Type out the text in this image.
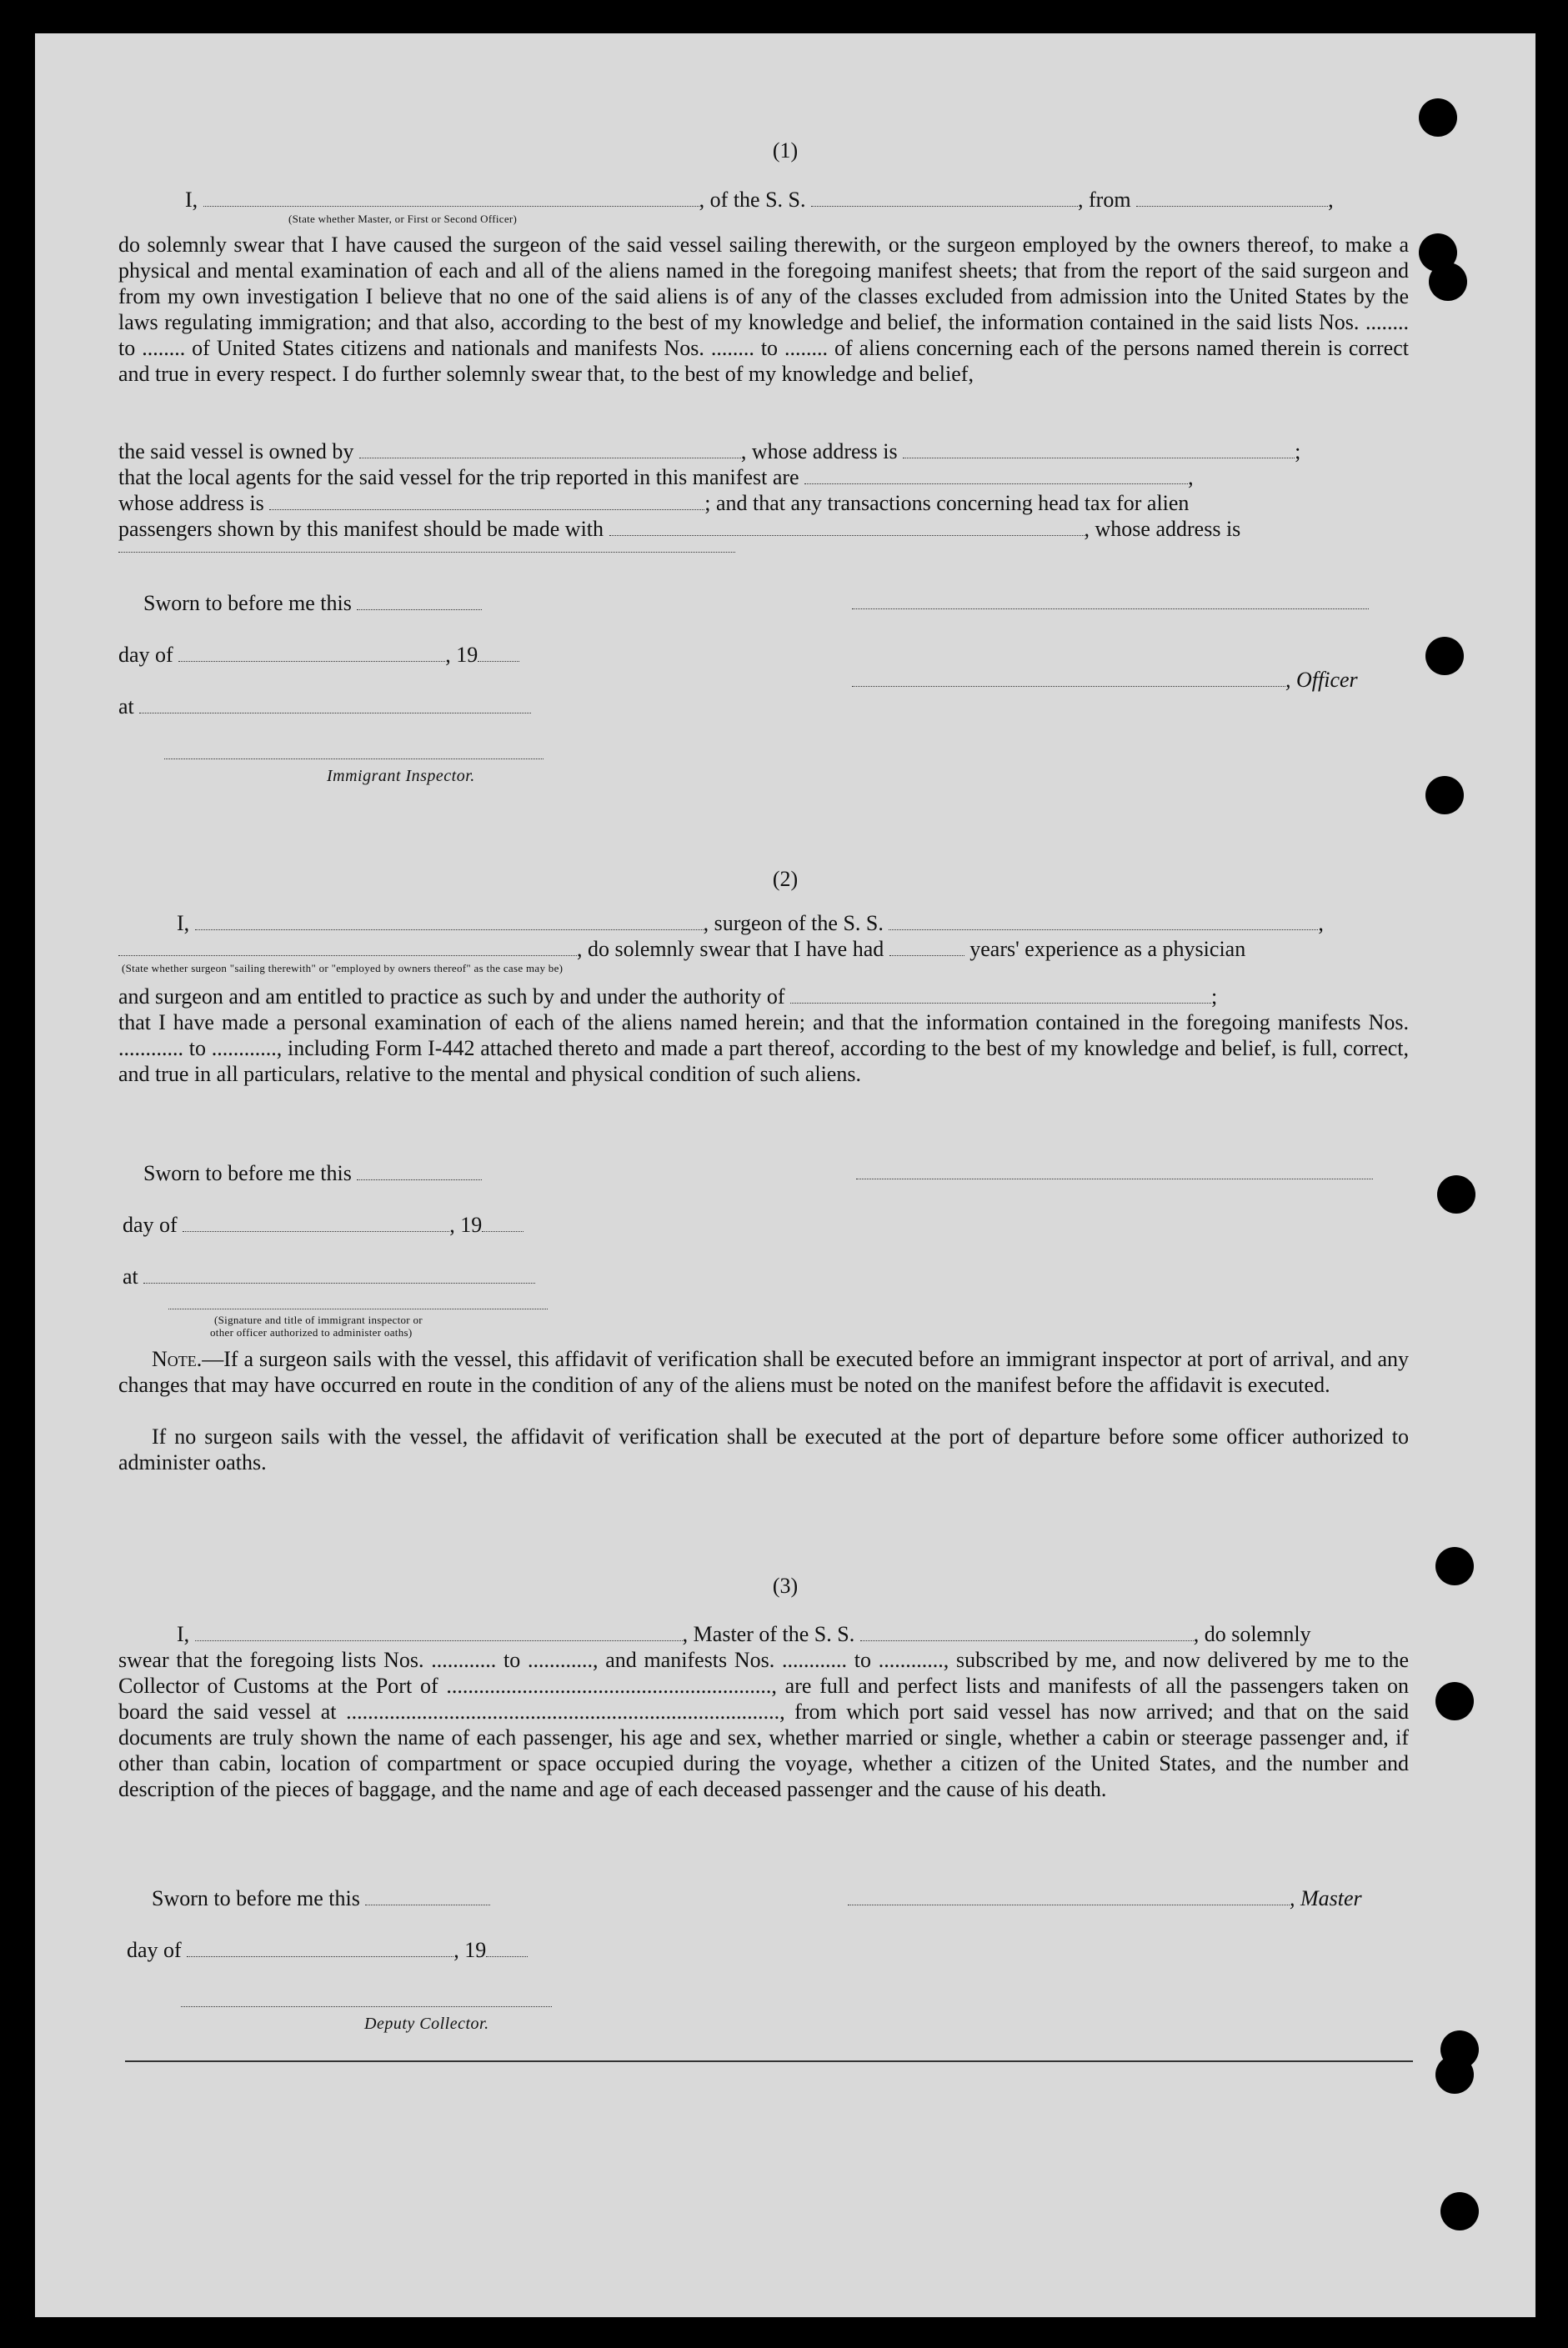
(1)
I,	, of the S. S.	, from	,
(State whether Master, or First or Second Officer)
do solemnly swear that I have caused the surgeon of the said vessel sailing therewith, or the surgeon employed by the owners thereof, to make a physical and mental examination of each and all of the aliens named in the foregoing manifest sheets; that from the report of the said surgeon and from my own investigation I believe that no one of the said aliens is of any of the classes excluded from admission into the United States by the laws regulating immigration; and that also, according to the best of my knowledge and belief, the information contained in the said lists Nos. ........ to ........ of United States citizens and nationals and manifests Nos. ........ to ........ of aliens concerning each of the persons named therein is correct and true in every respect. I do further solemnly swear that, to the best of my knowledge and belief,
the said vessel is owned by	, whose address is	;
that the local agents for the said vessel for the trip reported in this manifest are	,
whose address is	; and that any transactions concerning head tax for alien
passengers shown by this manifest should be made with	, whose address is
Sworn to before me this
day of	, 19
, Officer
at
Immigrant Inspector.
(2)
I,	, surgeon of the S. S.	,
, do solemnly swear that I have had	years' experience as a physician
(State whether surgeon "sailing therewith" or "employed by owners thereof" as the case may be)
and surgeon and am entitled to practice as such by and under the authority of	;
that I have made a personal examination of each of the aliens named herein; and that the information contained in the foregoing manifests Nos. ............ to ............, including Form I-442 attached thereto and made a part thereof, according to the best of my knowledge and belief, is full, correct, and true in all particulars, relative to the mental and physical condition of such aliens.
Sworn to before me this
day of	, 19
at
(Signature and title of immigrant inspector or
other officer authorized to administer oaths)
Note.—If a surgeon sails with the vessel, this affidavit of verification shall be executed before an immigrant inspector at port of arrival, and any changes that may have occurred en route in the condition of any of the aliens must be noted on the manifest before the affidavit is executed.
If no surgeon sails with the vessel, the affidavit of verification shall be executed at the port of departure before some officer authorized to administer oaths.
(3)
I,	, Master of the S. S.	, do solemnly
swear that the foregoing lists Nos. ............ to ............, and manifests Nos. ............ to ............, subscribed by me, and now delivered by me to the Collector of Customs at the Port of ............................................................, are full and perfect lists and manifests of all the passengers taken on board the said vessel at ................................................................................, from which port said vessel has now arrived; and that on the said documents are truly shown the name of each passenger, his age and sex, whether married or single, whether a cabin or steerage passenger and, if other than cabin, location of compartment or space occupied during the voyage, whether a citizen of the United States, and the number and description of the pieces of baggage, and the name and age of each deceased passenger and the cause of his death.
Sworn to before me this	, Master
day of	, 19
Deputy Collector.
